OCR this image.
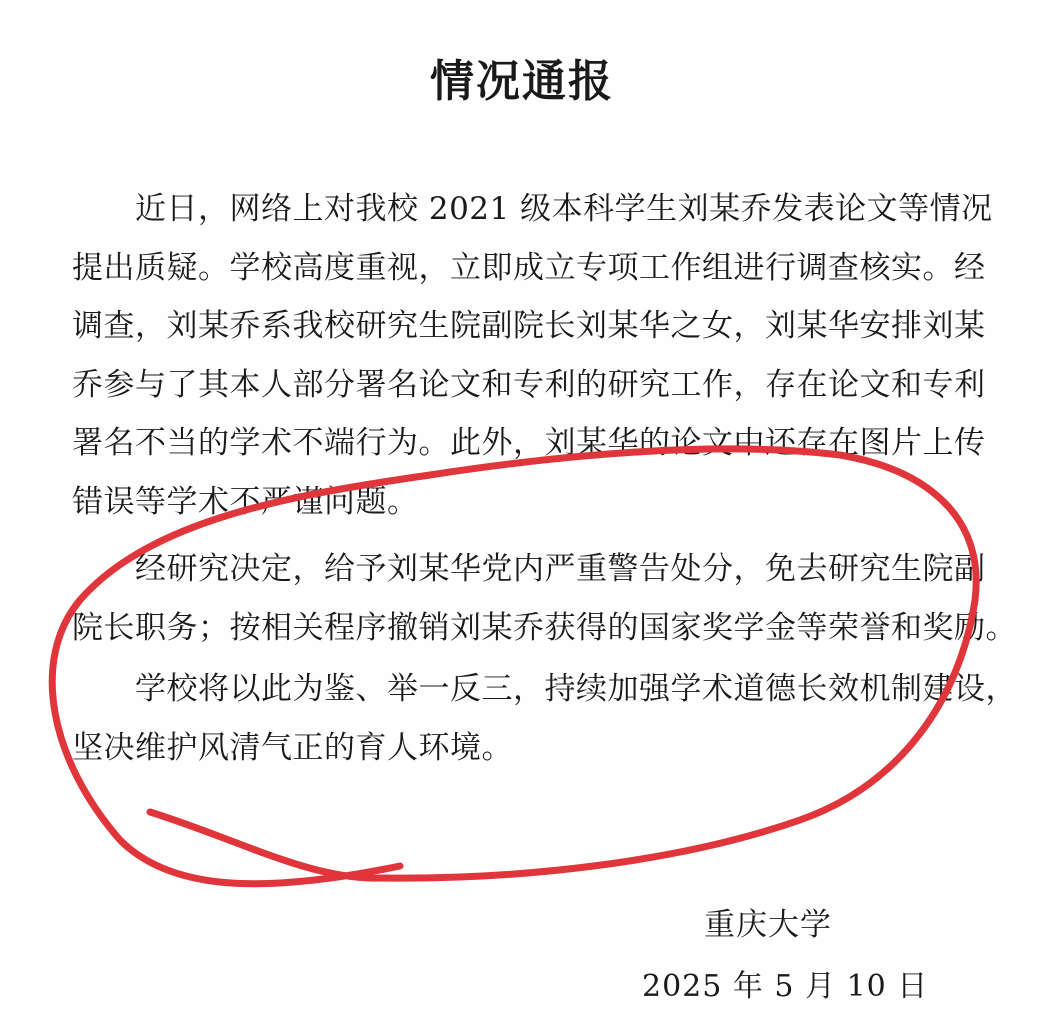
情况通报

　　近日，网络上对我校 2021 级本科学生刘某乔发表论文等情况
提出质疑。学校高度重视，立即成立专项工作组进行调查核实。经
调查，刘某乔系我校研究生院副院长刘某华之女，刘某华安排刘某
乔参与了其本人部分署名论文和专利的研究工作，存在论文和专利
署名不当的学术不端行为。此外，刘某华的论文中还存在图片上传
错误等学术不严谨问题。

　　经研究决定，给予刘某华党内严重警告处分，免去研究生院副
院长职务；按相关程序撤销刘某乔获得的国家奖学金等荣誉和奖励。

　　学校将以此为鉴、举一反三，持续加强学术道德长效机制建设，
坚决维护风清气正的育人环境。

重庆大学
2025 年 5 月 10 日
